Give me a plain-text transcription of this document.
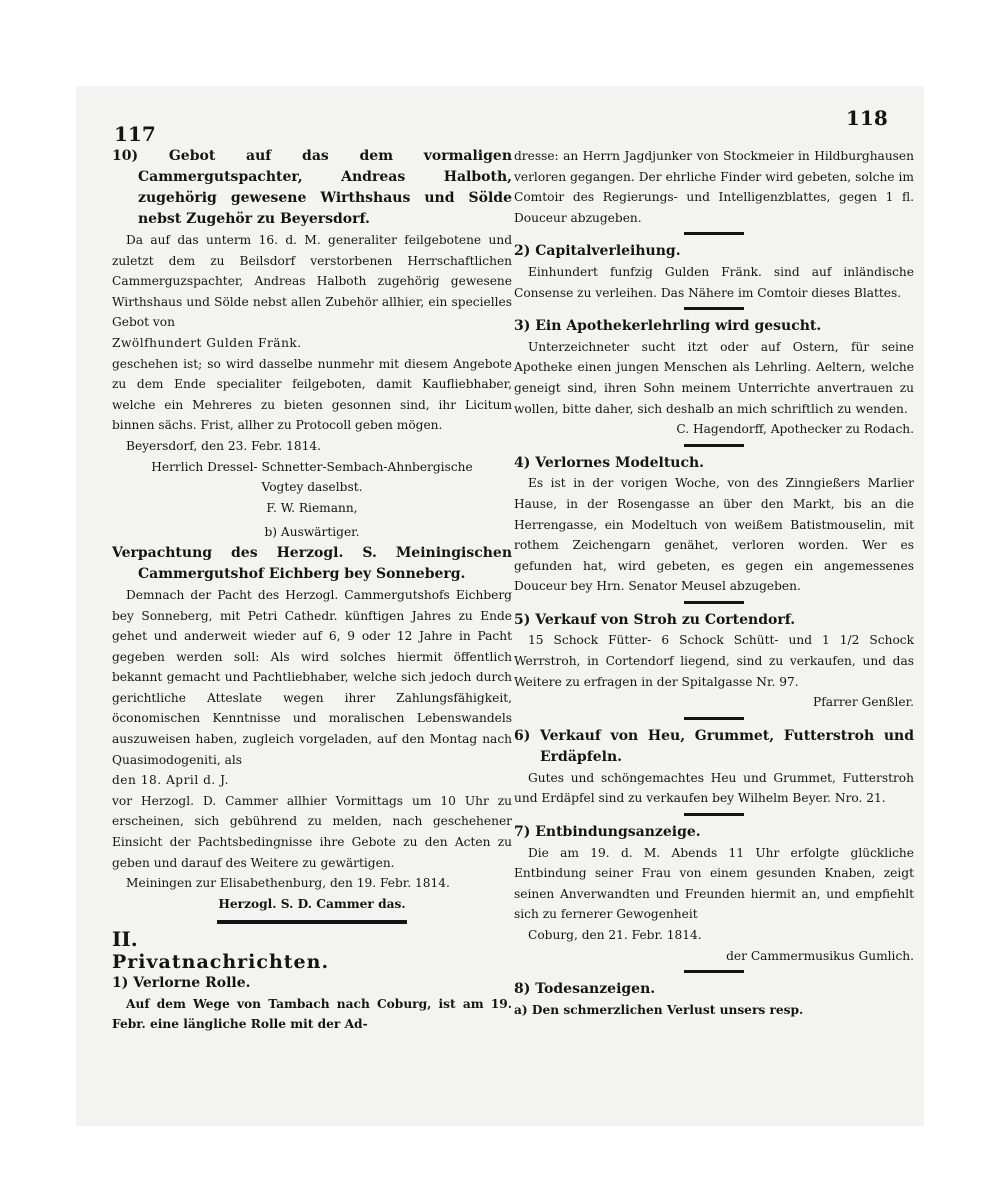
117
118

10) Gebot auf das dem vormaligen Cammergutspachter, Andreas Halboth, zugehörig gewesene Wirthshaus und Sölde nebst Zugehör zu Beyersdorf.

Da auf das unterm 16. d. M. generaliter feilgebotene und zuletzt dem zu Beilsdorf verstorbenen Herrschaftlichen Cammerguzspachter, Andreas Halboth zugehörig gewesene Wirthshaus und Sölde nebst allen Zubehör allhier, ein specielles Gebot von

Zwölfhundert Gulden Fränk.

geschehen ist; so wird dasselbe nunmehr mit diesem Angebote zu dem Ende specialiter feilgeboten, damit Kaufliebhaber, welche ein Mehreres zu bieten gesonnen sind, ihr Licitum binnen sächs. Frist, allher zu Protocoll geben mögen.

Beyersdorf, den 23. Febr. 1814.

Herrlich Dressel- Schnetter-Sembach-Ahnbergische

Vogtey daselbst.

F. W. Riemann,

b) Auswärtiger.

Verpachtung des Herzogl. S. Meiningischen Cammergutshof Eichberg bey Sonneberg.

Demnach der Pacht des Herzogl. Cammergutshofs Eichberg bey Sonneberg, mit Petri Cathedr. künftigen Jahres zu Ende gehet und anderweit wieder auf 6, 9 oder 12 Jahre in Pacht gegeben werden soll: Als wird solches hiermit öffentlich bekannt gemacht und Pachtliebhaber, welche sich jedoch durch gerichtliche Atteslate wegen ihrer Zahlungsfähigkeit, öconomischen Kenntnisse und moralischen Lebenswandels auszuweisen haben, zugleich vorgeladen, auf den Montag nach Quasimodogeniti, als

den 18. April d. J.

vor Herzogl. D. Cammer allhier Vormittags um 10 Uhr zu erscheinen, sich gebührend zu melden, nach geschehener Einsicht der Pachtsbedingnisse ihre Gebote zu den Acten zu geben und darauf des Weitere zu gewärtigen.

Meiningen zur Elisabethenburg, den 19. Febr. 1814.

Herzogl. S. D. Cammer das.

II.

Privatnachrichten.

1) Verlorne Rolle.

Auf dem Wege von Tambach nach Coburg, ist am 19. Febr. eine längliche Rolle mit der Ad-

dresse: an Herrn Jagdjunker von Stockmeier in Hildburghausen verloren gegangen. Der ehrliche Finder wird gebeten, solche im Comtoir des Regierungs- und Intelligenzblattes, gegen 1 fl. Douceur abzugeben.

2) Capitalverleihung.

Einhundert funfzig Gulden Fränk. sind auf inländische Consense zu verleihen. Das Nähere im Comtoir dieses Blattes.

3) Ein Apothekerlehrling wird gesucht.

Unterzeichneter sucht itzt oder auf Ostern, für seine Apotheke einen jungen Menschen als Lehrling. Aeltern, welche geneigt sind, ihren Sohn meinem Unterrichte anvertrauen zu wollen, bitte daher, sich deshalb an mich schriftlich zu wenden.

C. Hagendorff, Apothecker zu Rodach.

4) Verlornes Modeltuch.

Es ist in der vorigen Woche, von des Zinngießers Marlier Hause, in der Rosengasse an über den Markt, bis an die Herrengasse, ein Modeltuch von weißem Batistmouselin, mit rothem Zeichengarn genähet, verloren worden. Wer es gefunden hat, wird gebeten, es gegen ein angemessenes Douceur bey Hrn. Senator Meusel abzugeben.

5) Verkauf von Stroh zu Cortendorf.

15 Schock Fütter- 6 Schock Schütt- und 1 1/2 Schock Werrstroh, in Cortendorf liegend, sind zu verkaufen, und das Weitere zu erfragen in der Spitalgasse Nr. 97.

Pfarrer Genßler.

6) Verkauf von Heu, Grummet, Futterstroh und Erdäpfeln.

Gutes und schöngemachtes Heu und Grummet, Futterstroh und Erdäpfel sind zu verkaufen bey Wilhelm Beyer. Nro. 21.

7) Entbindungsanzeige.

Die am 19. d. M. Abends 11 Uhr erfolgte glückliche Entbindung seiner Frau von einem gesunden Knaben, zeigt seinen Anverwandten und Freunden hiermit an, und empfiehlt sich zu fernerer Gewogenheit

Coburg, den 21. Febr. 1814.

der Cammermusikus Gumlich.

8) Todesanzeigen.

a) Den schmerzlichen Verlust unsers resp.
